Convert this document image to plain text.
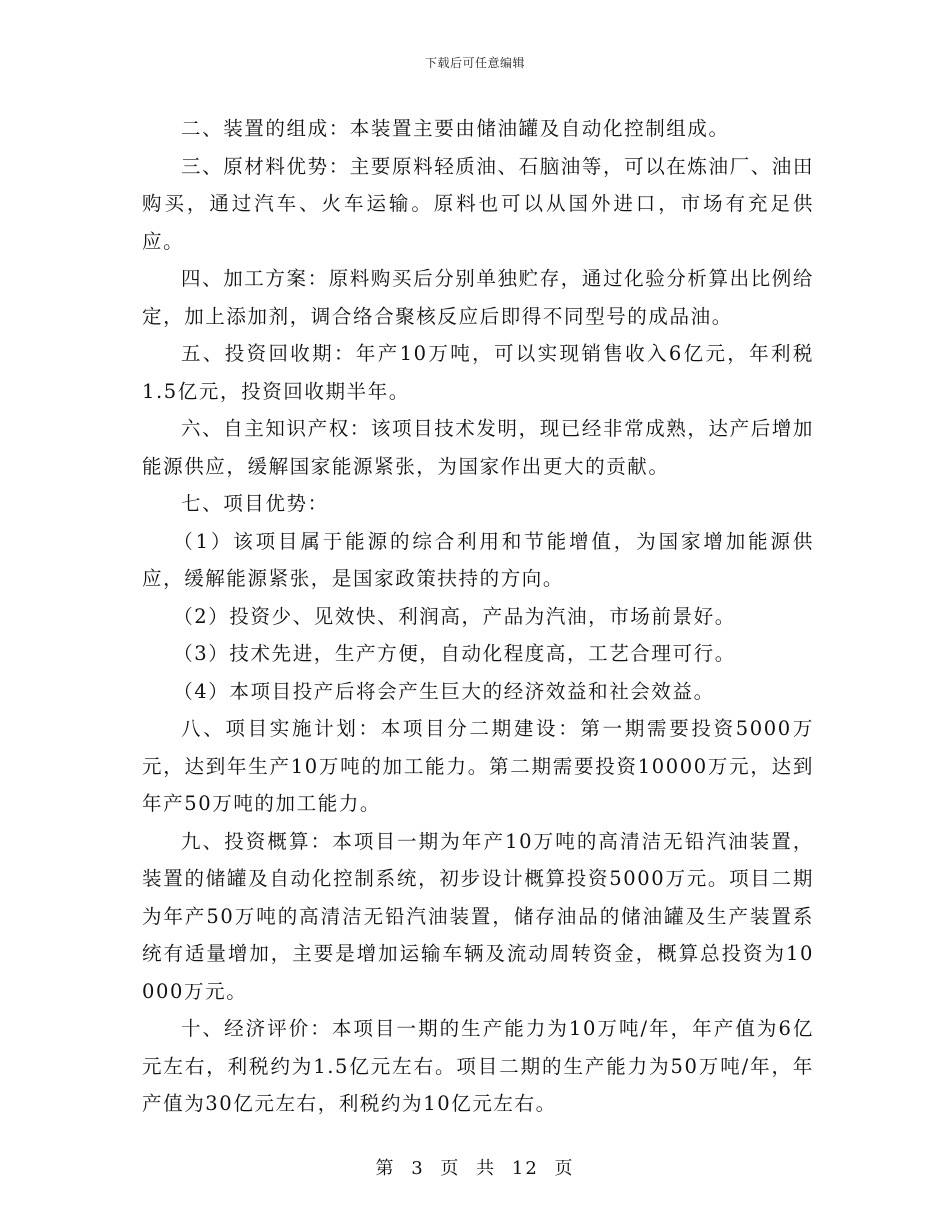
下载后可任意编辑

二、装置的组成：本装置主要由储油罐及自动化控制组成。

三、原材料优势：主要原料轻质油、石脑油等，可以在炼油厂、油田购买，通过汽车、火车运输。原料也可以从国外进口，市场有充足供应。

四、加工方案：原料购买后分别单独贮存，通过化验分析算出比例给定，加上添加剂，调合络合聚核反应后即得不同型号的成品油。

五、投资回收期：年产10万吨，可以实现销售收入6亿元，年利税1.5亿元，投资回收期半年。

六、自主知识产权：该项目技术发明，现已经非常成熟，达产后增加能源供应，缓解国家能源紧张，为国家作出更大的贡献。

七、项目优势：

（1）该项目属于能源的综合利用和节能增值，为国家增加能源供应，缓解能源紧张，是国家政策扶持的方向。

（2）投资少、见效快、利润高，产品为汽油，市场前景好。

（3）技术先进，生产方便，自动化程度高，工艺合理可行。

（4）本项目投产后将会产生巨大的经济效益和社会效益。

八、项目实施计划：本项目分二期建设：第一期需要投资5000万元，达到年生产10万吨的加工能力。第二期需要投资10000万元，达到年产50万吨的加工能力。

九、投资概算：本项目一期为年产10万吨的高清洁无铅汽油装置，装置的储罐及自动化控制系统，初步设计概算投资5000万元。项目二期为年产50万吨的高清洁无铅汽油装置，储存油品的储油罐及生产装置系统有适量增加，主要是增加运输车辆及流动周转资金，概算总投资为10000万元。

十、经济评价：本项目一期的生产能力为10万吨/年，年产值为6亿元左右，利税约为1.5亿元左右。项目二期的生产能力为50万吨/年，年产值为30亿元左右，利税约为10亿元左右。

第 3 页 共 12 页
